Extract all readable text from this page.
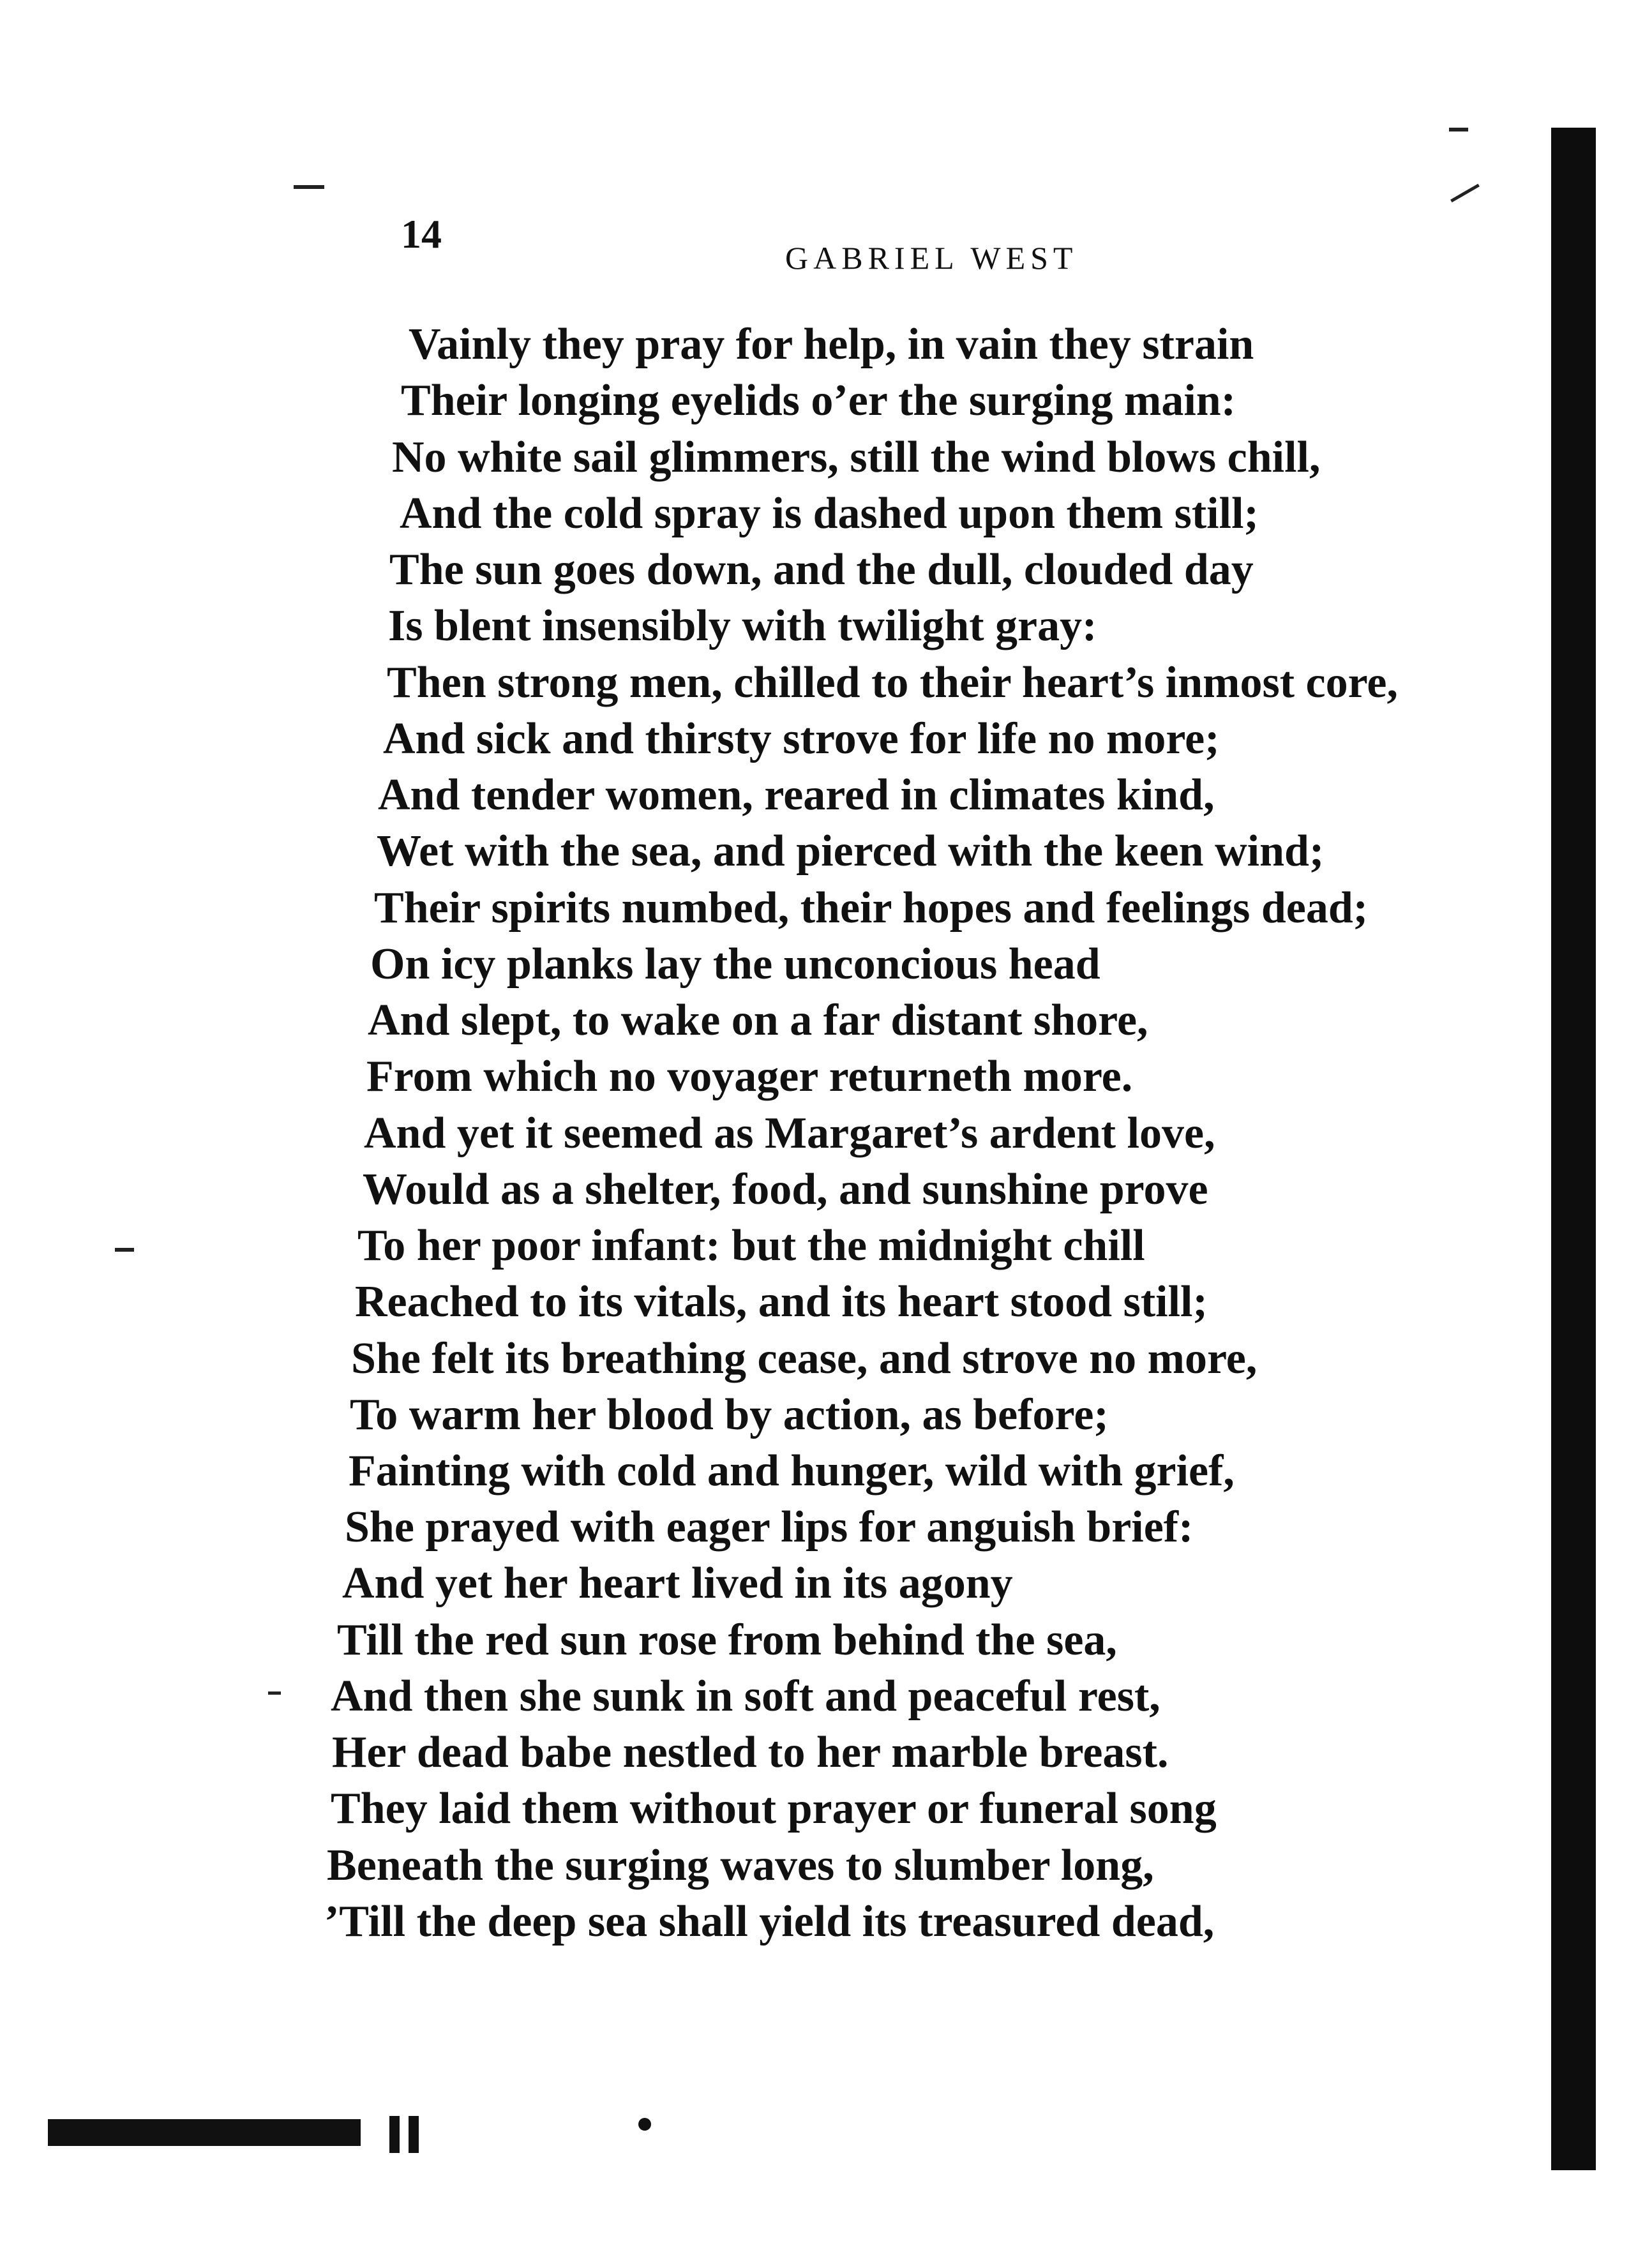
14
GABRIEL WEST
Vainly they pray for help, in vain they strain
Their longing eyelids o’er the surging main:
No white sail glimmers, still the wind blows chill,
And the cold spray is dashed upon them still;
The sun goes down, and the dull, clouded day
Is blent insensibly with twilight gray:
Then strong men, chilled to their heart’s inmost core,
And sick and thirsty strove for life no more;
And tender women, reared in climates kind,
Wet with the sea, and pierced with the keen wind;
Their spirits numbed, their hopes and feelings dead;
On icy planks lay the unconcious head
And slept, to wake on a far distant shore,
From which no voyager returneth more.
And yet it seemed as Margaret’s ardent love,
Would as a shelter, food, and sunshine prove
To her poor infant: but the midnight chill
Reached to its vitals, and its heart stood still;
She felt its breathing cease, and strove no more,
To warm her blood by action, as before;
Fainting with cold and hunger, wild with grief,
She prayed with eager lips for anguish brief:
And yet her heart lived in its agony
Till the red sun rose from behind the sea,
And then she sunk in soft and peaceful rest,
Her dead babe nestled to her marble breast.
They laid them without prayer or funeral song
Beneath the surging waves to slumber long,
’Till the deep sea shall yield its treasured dead,
